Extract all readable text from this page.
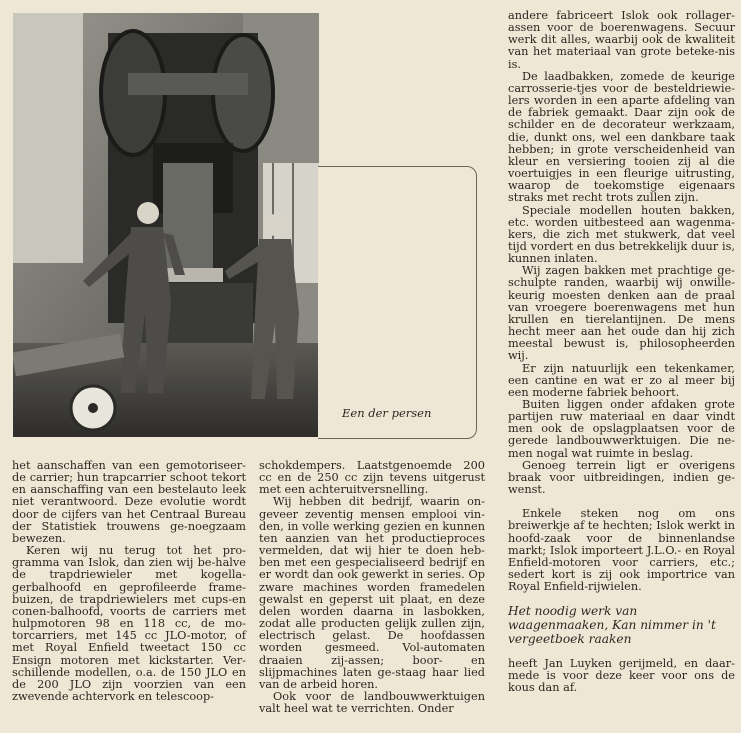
Een der persen

het aanschaffen van een gemotoriseer-de carrier; hun trapcarrier schoot tekort en aanschaffing van een bestelauto leek niet verantwoord. Deze evolutie wordt door de cijfers van het Centraal Bureau der Statistiek trouwens ge-noegzaam bewezen.

Keren wij nu terug tot het pro-gramma van Islok, dan zien wij be-halve de trapdriewieler met kogella-gerbalhoofd en geprofileerde frame-buizen, de trapdriewielers met cups-en conen-balhoofd, voorts de carriers met hulpmotoren 98 en 118 cc, de mo-torcarriers, met 145 cc JLO-motor, of met Royal Enfield tweetact 150 cc Ensign motoren met kickstarter. Ver-schillende modellen, o.a. de 150 JLO en de 200 JLO zijn voorzien van een zwevende achtervork en telescoop-

schokdempers. Laatstgenoemde 200 cc en de 250 cc zijn tevens uitgerust met een achteruitversnelling.

Wij hebben dit bedrijf, waarin on-geveer zeventig mensen emplooi vin-den, in volle werking gezien en kunnen ten aanzien van het productieproces vermelden, dat wij hier te doen heb-ben met een gespecialiseerd bedrijf en er wordt dan ook gewerkt in series. Op zware machines worden framedelen gewalst en geperst uit plaat, en deze delen worden daarna in lasbokken, zodat alle producten gelijk zullen zijn, electrisch gelast. De hoofdassen worden gesmeed. Vol-automaten draaien zij-assen; boor- en slijpmachines laten ge-staag haar lied van de arbeid horen.

Ook voor de landbouwwerktuigen valt heel wat te verrichten. Onder

andere fabriceert Islok ook rollager-assen voor de boerenwagens. Secuur werk dit alles, waarbij ook de kwaliteit van het materiaal van grote beteke-nis is.

De laadbakken, zomede de keurige carrosserie-tjes voor de besteldriewie-lers worden in een aparte afdeling van de fabriek gemaakt. Daar zijn ook de schilder en de decorateur werkzaam, die, dunkt ons, wel een dankbare taak hebben; in grote verscheidenheid van kleur en versiering tooien zij al die voertuigjes in een fleurige uitrusting, waarop de toekomstige eigenaars straks met recht trots zullen zijn.

Speciale modellen houten bakken, etc. worden uitbesteed aan wagenma-kers, die zich met stukwerk, dat veel tijd vordert en dus betrekkelijk duur is, kunnen inlaten.

Wij zagen bakken met prachtige ge-schulpte randen, waarbij wij onwille-keurig moesten denken aan de praal van vroegere boerenwagens met hun krullen en tierelantijnen. De mens hecht meer aan het oude dan hij zich meestal bewust is, philosopheerden wij.

Er zijn natuurlijk een tekenkamer, een cantine en wat er zo al meer bij een moderne fabriek behoort.

Buiten liggen onder afdaken grote partijen ruw materiaal en daar vindt men ook de opslagplaatsen voor de gerede landbouwwerktuigen. Die ne-men nogal wat ruimte in beslag.

Genoeg terrein ligt er overigens braak voor uitbreidingen, indien ge-wenst.

Enkele steken nog om ons breiwerkje af te hechten; Islok werkt in hoofd-zaak voor de binnenlandse markt; Islok importeert J.L.O.- en Royal Enfield-motoren voor carriers, etc.; sedert kort is zij ook importrice van Royal Enfield-rijwielen.

Het noodig werk van waagenmaaken, Kan nimmer in 't vergeetboek raaken

heeft Jan Luyken gerijmeld, en daar-mede is voor deze keer voor ons de kous dan af.
